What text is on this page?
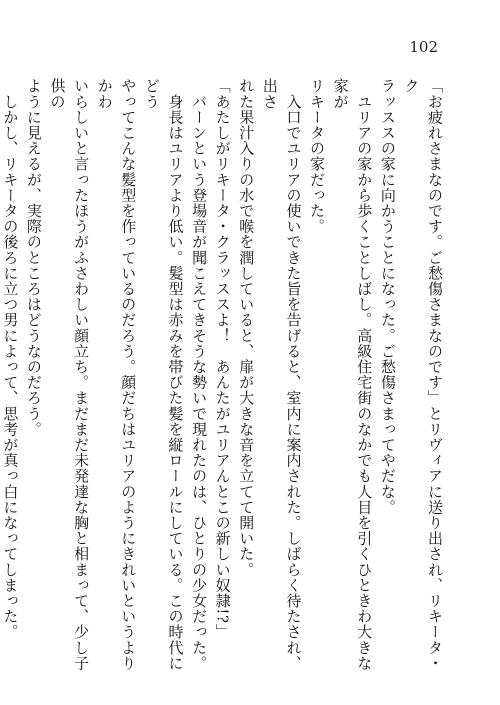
102

「お疲れさまなのです。ご愁傷さまなのです」とリヴィアに送り出され、リキータ・ク

ラッススの家に向かうことになった。ご愁傷さまってやだな。

　ユリアの家から歩くことしばし。高級住宅街のなかでも人目を引くひときわ大きな家が

リキータの家だった。

　入口でユリアの使いできた旨を告げると、室内に案内された。しばらく待たされ、出さ

れた果汁入りの水で喉を潤していると、扉が大きな音を立てて開いた。

「あたしがリキータ・クラッススよ！　あんたがユリアんとこの新しい奴隷!?」

　バーンという登場音が聞こえてきそうな勢いで現れたのは、ひとりの少女だった。

　身長はユリアより低い。髪型は赤みを帯びた髪を縦ロールにしている。この時代にどう

やってこんな髪型を作っているのだろう。顔だちはユリアのようにきれいというよりかわ

いらしいと言ったほうがふさわしい顔立ち。まだまだ未発達な胸と相まって、少し子供の

ように見えるが、実際のところはどうなのだろう。

　しかし、リキータの後ろに立つ男によって、思考が真っ白になってしまった。
